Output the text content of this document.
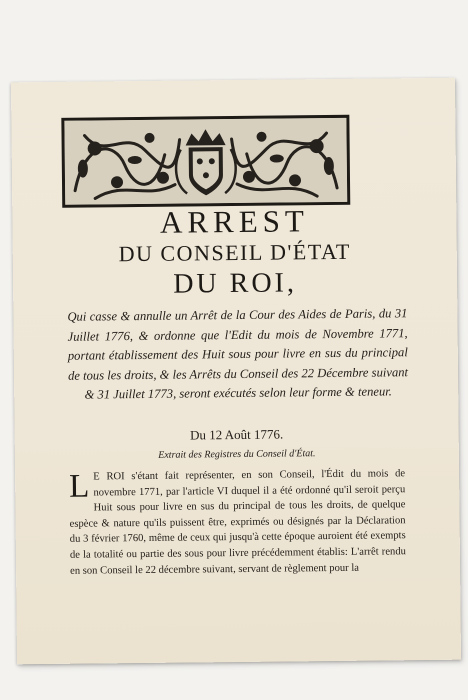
ARREST
DU CONSEIL D'ÉTAT
DU ROI,

Qui casse & annulle un Arrêt de la Cour des Aides de Paris, du 31 Juillet 1776, & ordonne que l'Edit du mois de Novembre 1771, portant établissement des Huit sous pour livre en sus du principal de tous les droits, & les Arrêts du Conseil des 22 Décembre suivant & 31 Juillet 1773, seront exécutés selon leur forme & teneur.

Du 12 Août 1776.

Extrait des Registres du Conseil d'État.

L E ROI s'étant fait représenter, en son Conseil, l'Édit du mois de novembre 1771, par l'article VI duquel il a été ordonné qu'il seroit perçu Huit sous pour livre en sus du principal de tous les droits, de quelque espèce & nature qu'ils puissent être, exprimés ou désignés par la Déclaration du 3 février 1760, même de ceux qui jusqu'à cette époque auroient été exempts de la totalité ou partie des sous pour livre précédemment établis: L'arrêt rendu en son Conseil le 22 décembre suivant, servant de règlement pour la
